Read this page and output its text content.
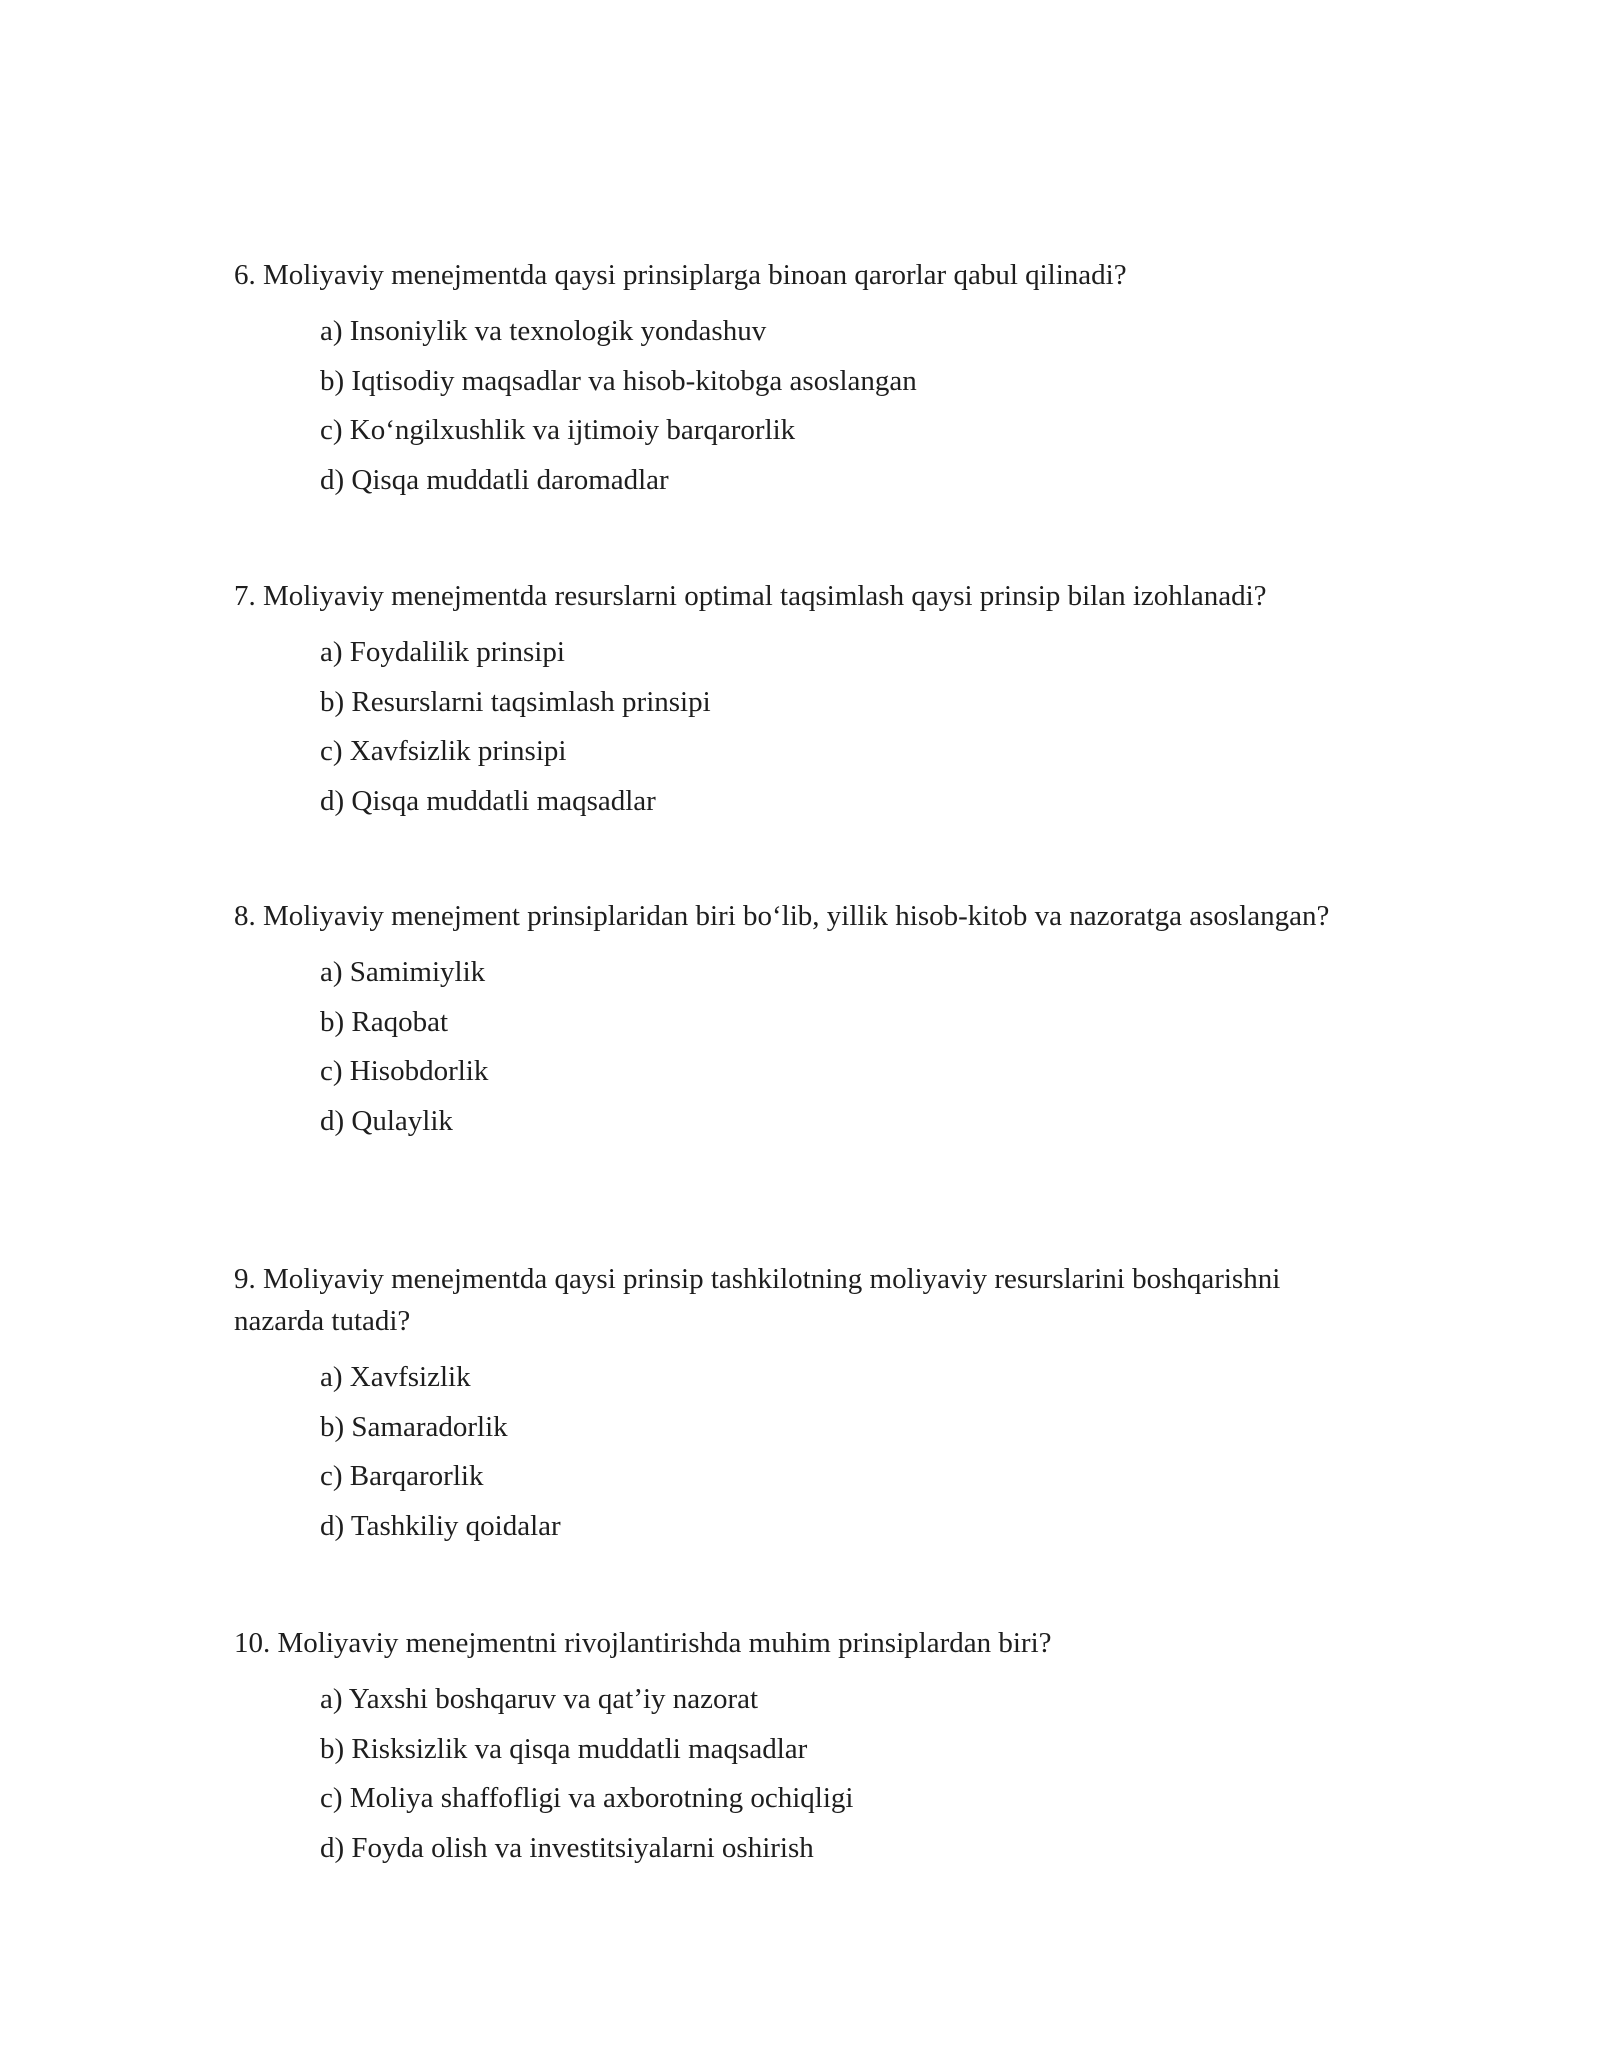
6. Moliyaviy menejmentda qaysi prinsiplarga binoan qarorlar qabul qilinadi?

a) Insoniylik va texnologik yondashuv
b) Iqtisodiy maqsadlar va hisob-kitobga asoslangan
c) Ko‘ngilxushlik va ijtimoiy barqarorlik
d) Qisqa muddatli daromadlar

7. Moliyaviy menejmentda resurslarni optimal taqsimlash qaysi prinsip bilan izohlanadi?

a) Foydalilik prinsipi
b) Resurslarni taqsimlash prinsipi
c) Xavfsizlik prinsipi
d) Qisqa muddatli maqsadlar

8. Moliyaviy menejment prinsiplaridan biri bo‘lib, yillik hisob-kitob va nazoratga asoslangan?

a) Samimiylik
b) Raqobat
c) Hisobdorlik
d) Qulaylik

9. Moliyaviy menejmentda qaysi prinsip tashkilotning moliyaviy resurslarini boshqarishni nazarda tutadi?

a) Xavfsizlik
b) Samaradorlik
c) Barqarorlik
d) Tashkiliy qoidalar

10. Moliyaviy menejmentni rivojlantirishda muhim prinsiplardan biri?

a) Yaxshi boshqaruv va qat’iy nazorat
b) Risksizlik va qisqa muddatli maqsadlar
c) Moliya shaffofligi va axborotning ochiqligi
d) Foyda olish va investitsiyalarni oshirish
